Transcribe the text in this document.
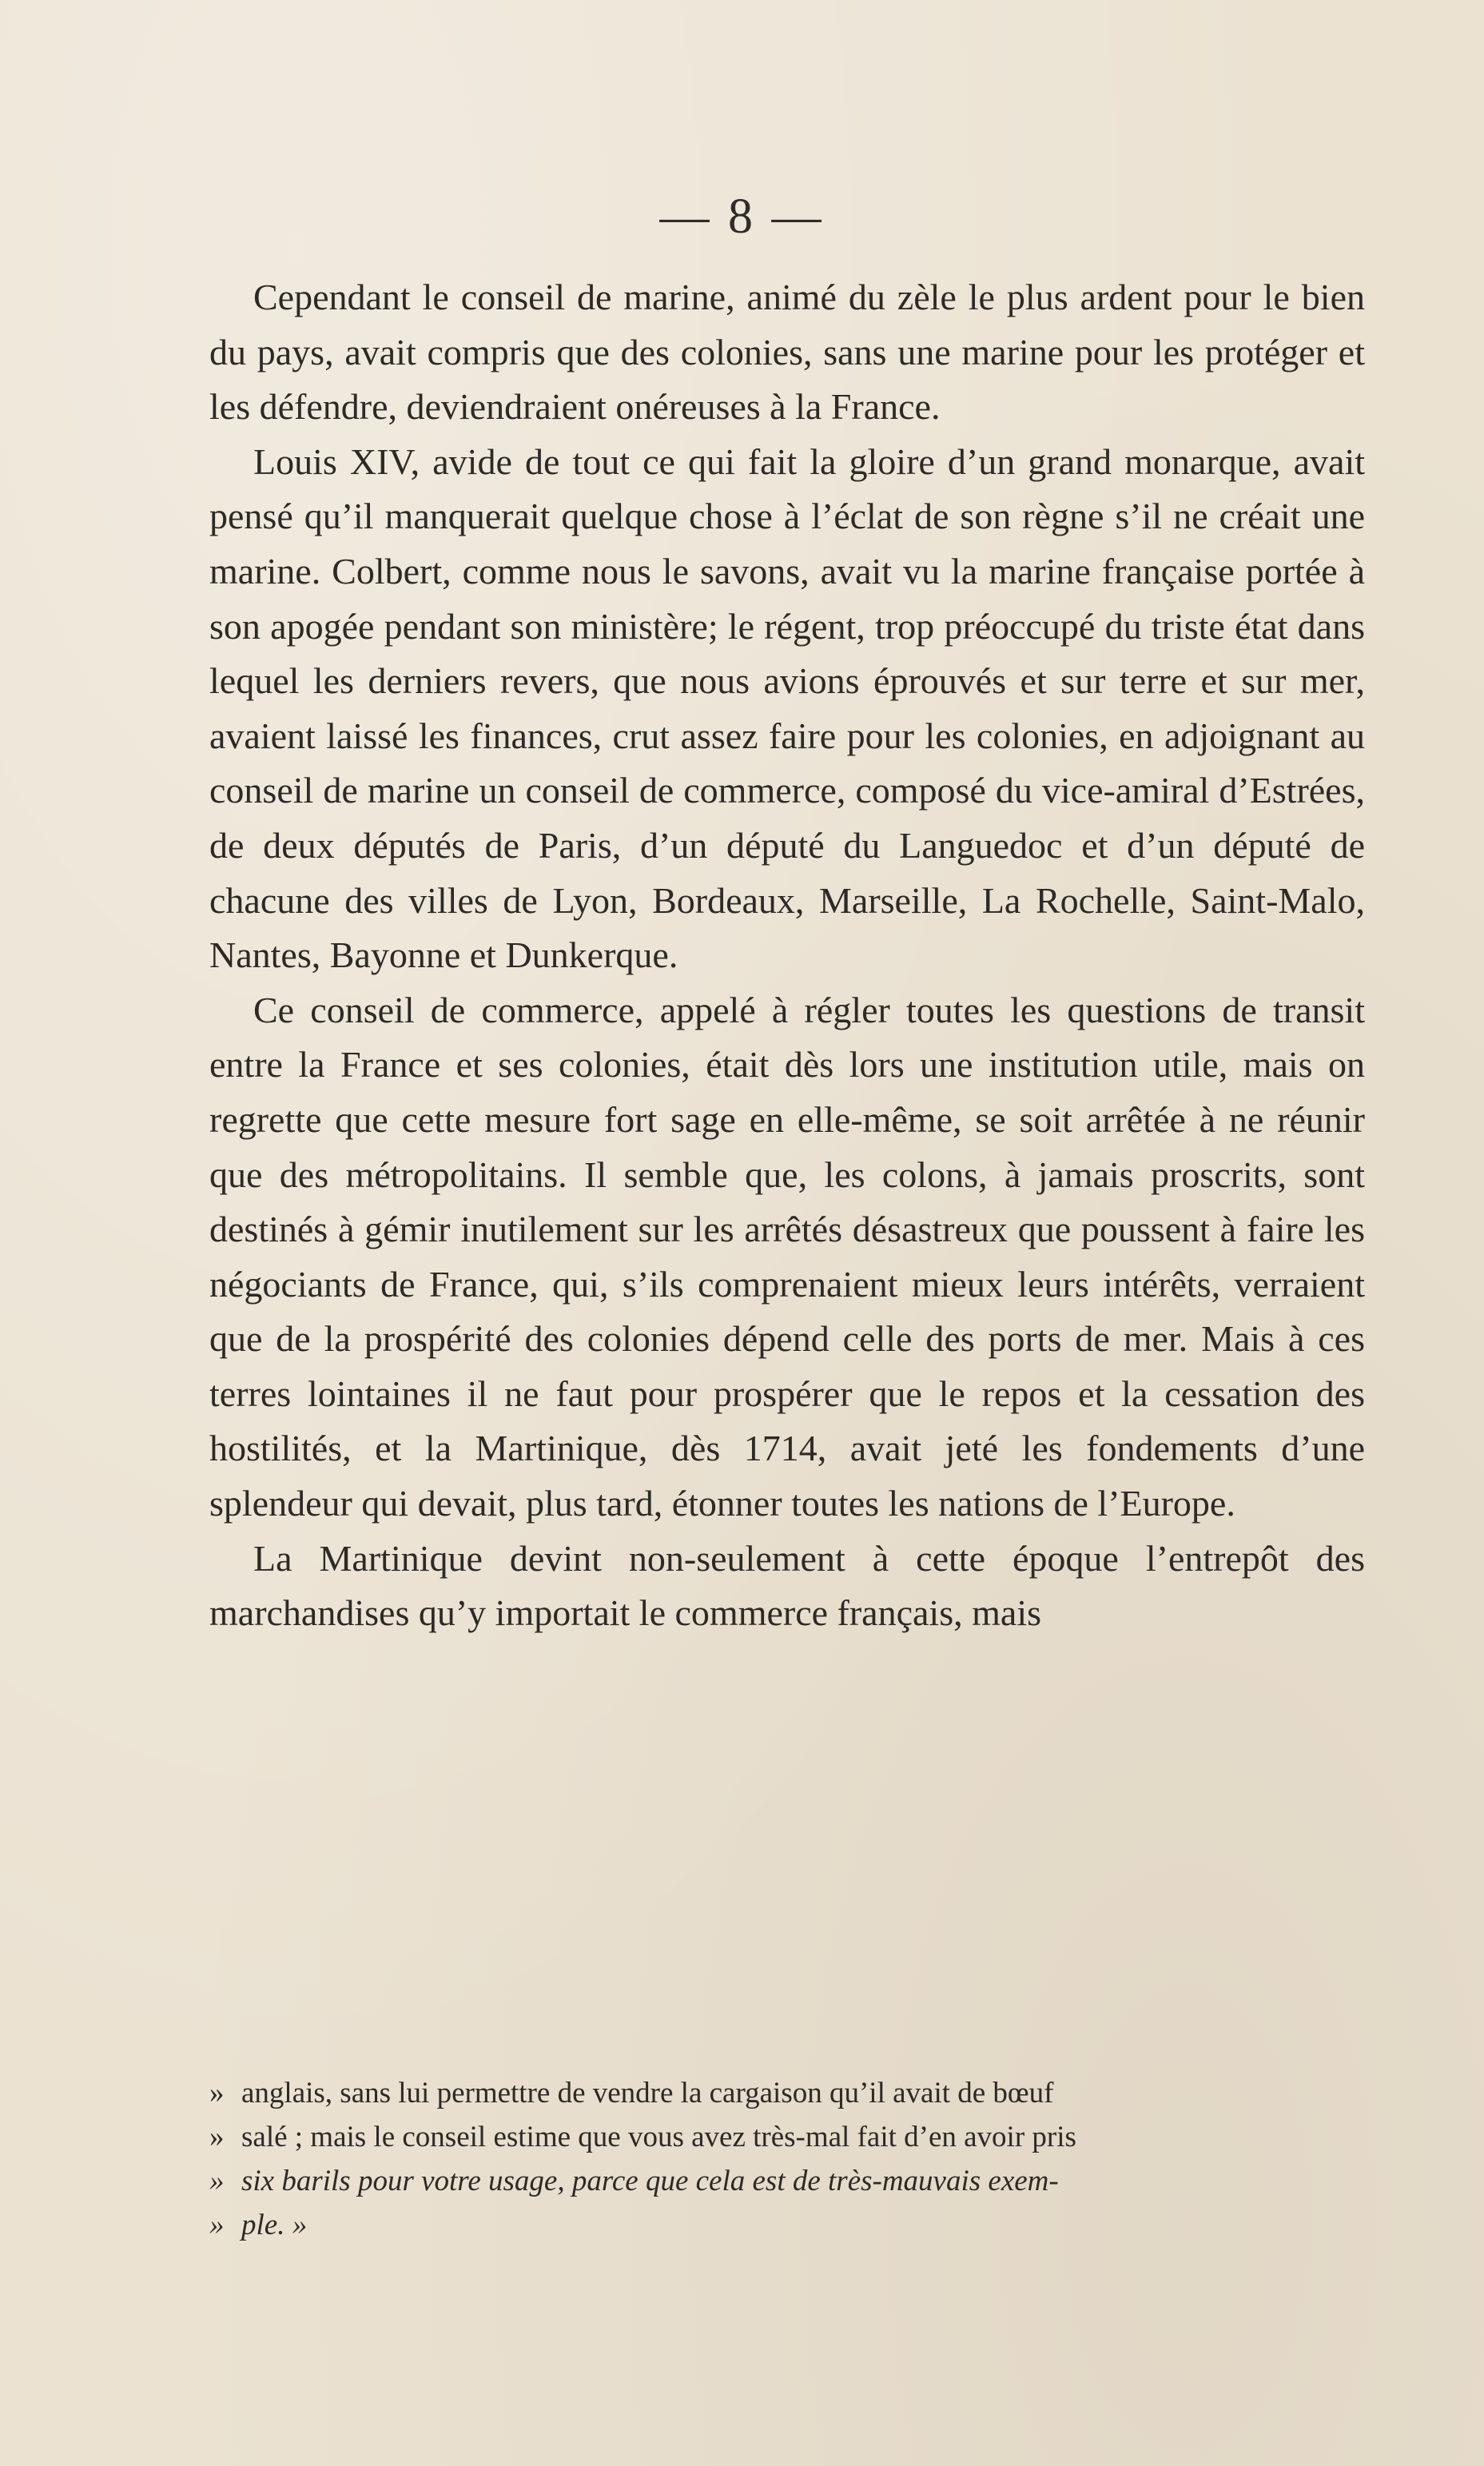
— 8 —

Cependant le conseil de marine, animé du zèle le plus ardent pour le bien du pays, avait compris que des colonies, sans une marine pour les protéger et les défendre, deviendraient onéreuses à la France.

Louis XIV, avide de tout ce qui fait la gloire d’un grand monarque, avait pensé qu’il manquerait quelque chose à l’éclat de son règne s’il ne créait une marine. Colbert, comme nous le savons, avait vu la marine française portée à son apogée pendant son ministère; le régent, trop préoccupé du triste état dans lequel les derniers revers, que nous avions éprouvés et sur terre et sur mer, avaient laissé les finances, crut assez faire pour les colonies, en adjoignant au conseil de marine un conseil de commerce, composé du vice-amiral d’Estrées, de deux députés de Paris, d’un député du Languedoc et d’un député de chacune des villes de Lyon, Bordeaux, Marseille, La Rochelle, Saint-Malo, Nantes, Bayonne et Dunkerque.

Ce conseil de commerce, appelé à régler toutes les questions de transit entre la France et ses colonies, était dès lors une institution utile, mais on regrette que cette mesure fort sage en elle-même, se soit arrêtée à ne réunir que des métropolitains. Il semble que, les colons, à jamais proscrits, sont destinés à gémir inutilement sur les arrêtés désastreux que poussent à faire les négociants de France, qui, s’ils comprenaient mieux leurs intérêts, verraient que de la prospérité des colonies dépend celle des ports de mer. Mais à ces terres lointaines il ne faut pour prospérer que le repos et la cessation des hostilités, et la Martinique, dès 1714, avait jeté les fondements d’une splendeur qui devait, plus tard, étonner toutes les nations de l’Europe.

La Martinique devint non-seulement à cette époque l’entrepôt des marchandises qu’y importait le commerce français, mais

» anglais, sans lui permettre de vendre la cargaison qu’il avait de bœuf

» salé ; mais le conseil estime que vous avez très-mal fait d’en avoir pris

» six barils pour votre usage, parce que cela est de très-mauvais exem-

» ple. »
